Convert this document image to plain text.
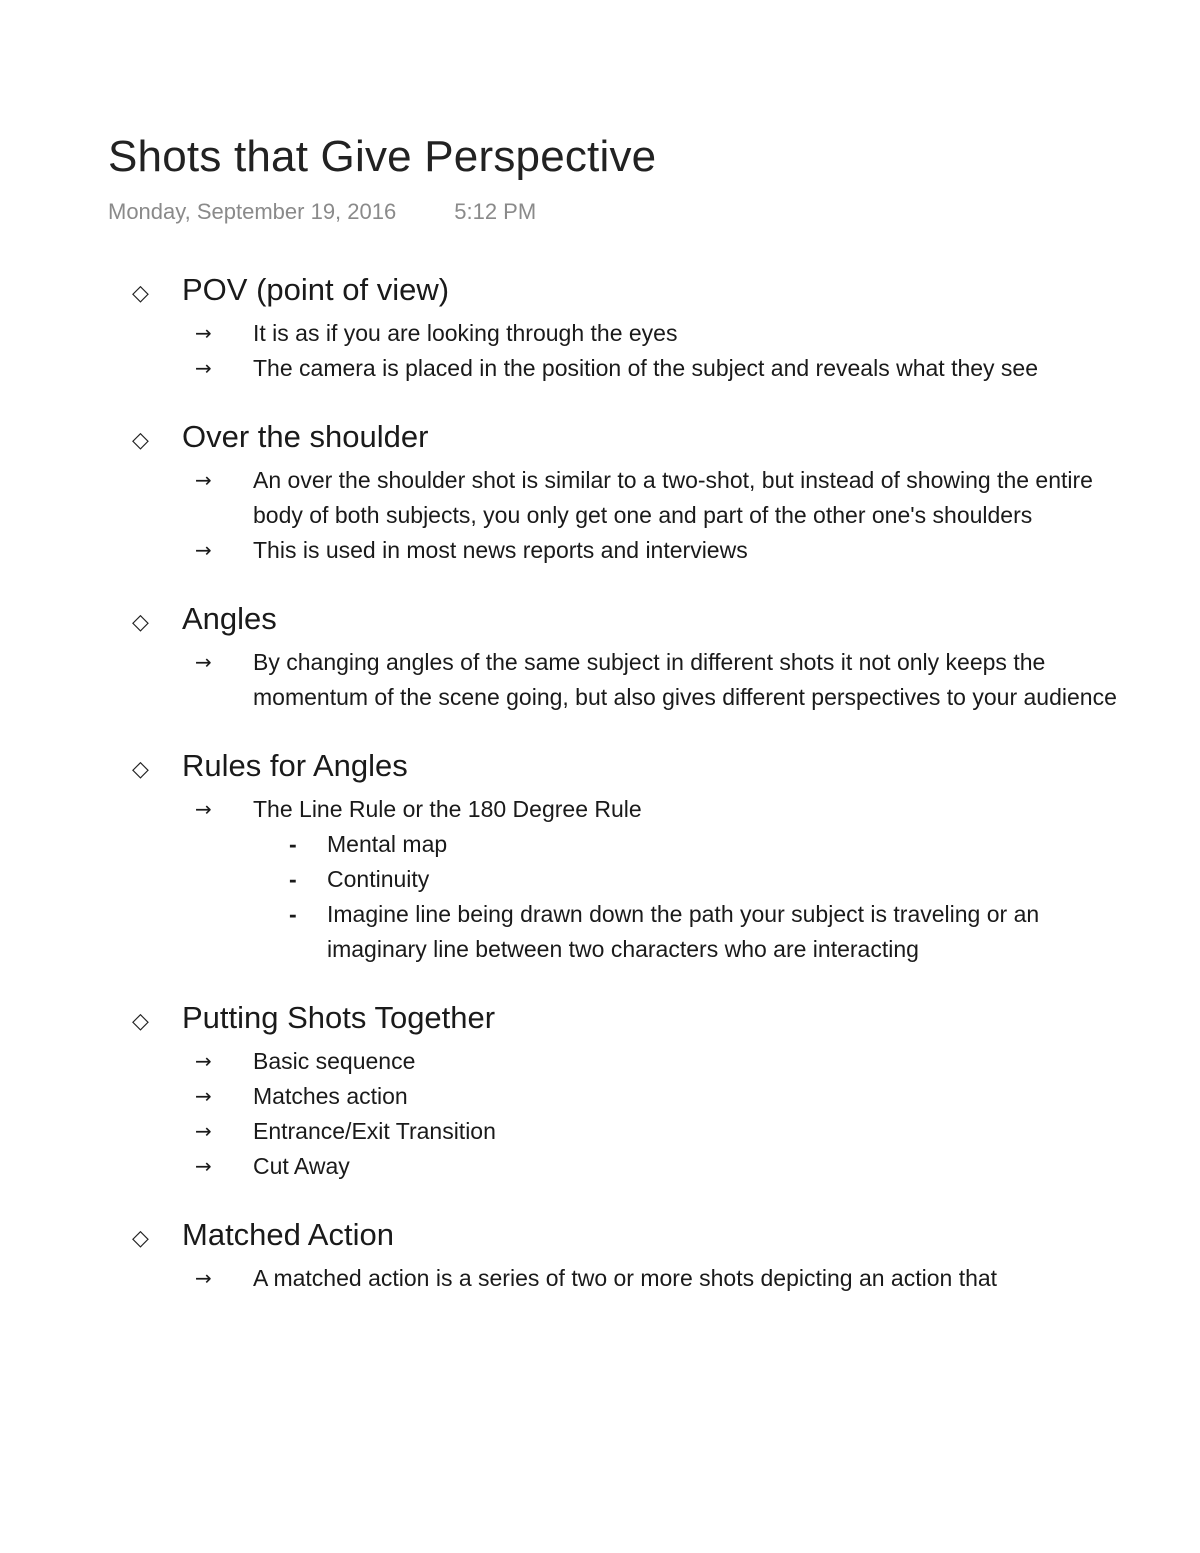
Shots that Give Perspective
Monday, September 19, 2016	5:12 PM
◇	POV (point of view)
→	It is as if you are looking through the eyes
→	The camera is placed in the position of the subject and reveals what they see
◇	Over the shoulder
→	An over the shoulder shot is similar to a two-shot, but instead of showing the entire body of both subjects, you only get one and part of the other one's shoulders
→	This is used in most news reports and interviews
◇	Angles
→	By changing angles of the same subject in different shots it not only keeps the momentum of the scene going, but also gives different perspectives to your audience
◇	Rules for Angles
→	The Line Rule or the 180 Degree Rule
-	Mental map
-	Continuity
-	Imagine line being drawn down the path your subject is traveling or an imaginary line between two characters who are interacting
◇	Putting Shots Together
→	Basic sequence
→	Matches action
→	Entrance/Exit Transition
→	Cut Away
◇	Matched Action
→	A matched action is a series of two or more shots depicting an action that
